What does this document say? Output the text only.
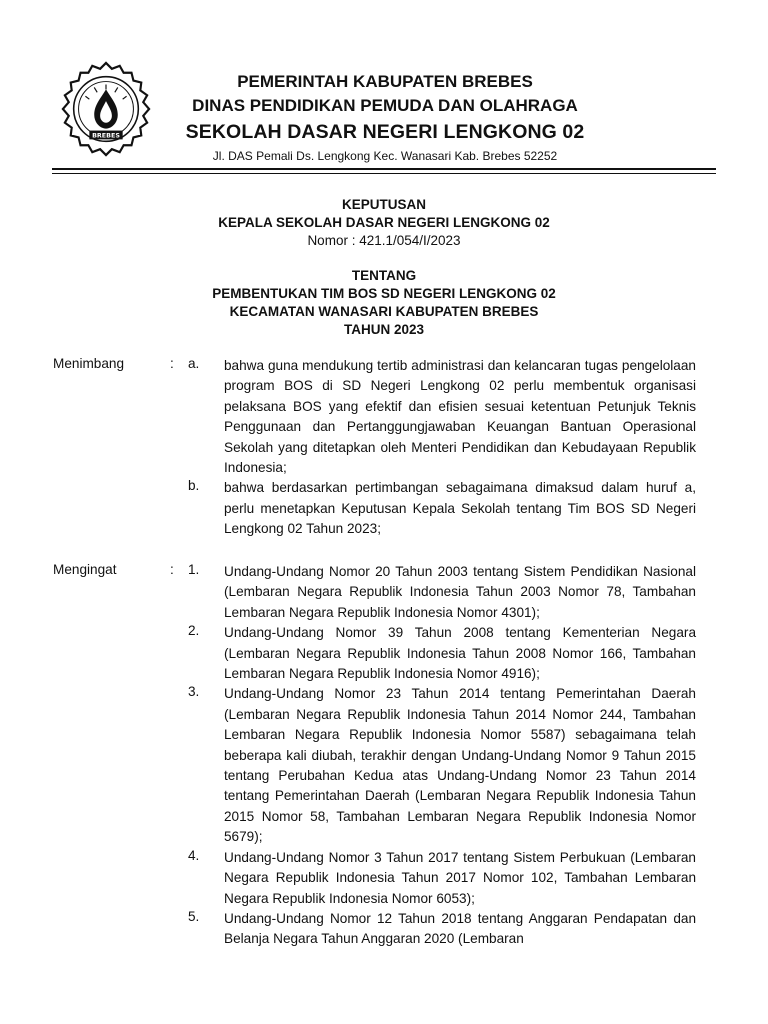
BREBES
PEMERINTAH KABUPATEN BREBES
DINAS PENDIDIKAN PEMUDA DAN OLAHRAGA
SEKOLAH DASAR NEGERI LENGKONG 02
Jl. DAS Pemali Ds. Lengkong Kec. Wanasari Kab. Brebes 52252
KEPUTUSAN
KEPALA SEKOLAH DASAR NEGERI LENGKONG 02
Nomor : 421.1/054/I/2023
TENTANG
PEMBENTUKAN TIM BOS SD NEGERI LENGKONG 02
KECAMATAN WANASARI KABUPATEN BREBES
TAHUN 2023
Menimbang	: a. bahwa guna mendukung tertib administrasi dan kelancaran tugas pengelolaan program BOS di SD Negeri Lengkong 02 perlu membentuk organisasi pelaksana BOS yang efektif dan efisien sesuai ketentuan Petunjuk Teknis Penggunaan dan Pertanggungjawaban Keuangan Bantuan Operasional Sekolah yang ditetapkan oleh Menteri Pendidikan dan Kebudayaan Republik Indonesia;
b. bahwa berdasarkan pertimbangan sebagaimana dimaksud dalam huruf a, perlu menetapkan Keputusan Kepala Sekolah tentang Tim BOS SD Negeri Lengkong 02 Tahun 2023;
Mengingat	: 1. Undang-Undang Nomor 20 Tahun 2003 tentang Sistem Pendidikan Nasional (Lembaran Negara Republik Indonesia Tahun 2003 Nomor 78, Tambahan Lembaran Negara Republik Indonesia Nomor 4301);
2. Undang-Undang Nomor 39 Tahun 2008 tentang Kementerian Negara (Lembaran Negara Republik Indonesia Tahun 2008 Nomor 166, Tambahan Lembaran Negara Republik Indonesia Nomor 4916);
3. Undang-Undang Nomor 23 Tahun 2014 tentang Pemerintahan Daerah (Lembaran Negara Republik Indonesia Tahun 2014 Nomor 244, Tambahan Lembaran Negara Republik Indonesia Nomor 5587) sebagaimana telah beberapa kali diubah, terakhir dengan Undang-Undang Nomor 9 Tahun 2015 tentang Perubahan Kedua atas Undang-Undang Nomor 23 Tahun 2014 tentang Pemerintahan Daerah (Lembaran Negara Republik Indonesia Tahun 2015 Nomor 58, Tambahan Lembaran Negara Republik Indonesia Nomor 5679);
4. Undang-Undang Nomor 3 Tahun 2017 tentang Sistem Perbukuan (Lembaran Negara Republik Indonesia Tahun 2017 Nomor 102, Tambahan Lembaran Negara Republik Indonesia Nomor 6053);
5. Undang-Undang Nomor 12 Tahun 2018 tentang Anggaran Pendapatan dan Belanja Negara Tahun Anggaran 2020 (Lembaran
